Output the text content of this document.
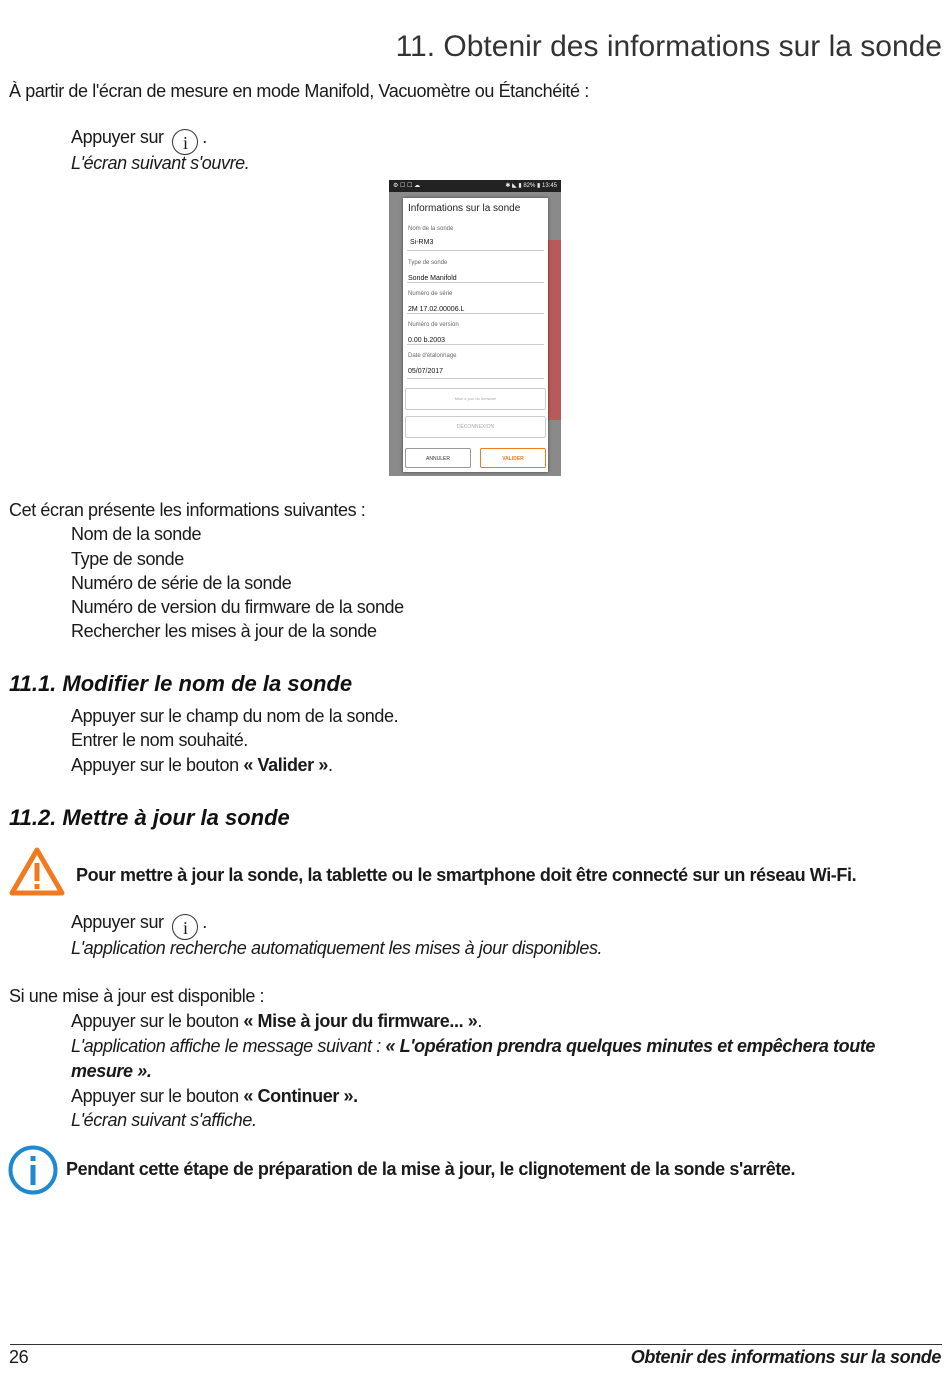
11. Obtenir des informations sur la sonde
À partir de l'écran de mesure en mode Manifold, Vacuomètre ou Étanchéité :
Appuyer sur i .
L'écran suivant s'ouvre.
⚙ ☐ ☐ ☁	✱ ◣ ▮ 82% ▮ 13:45
Informations sur la sonde
Nom de la sonde
Si-RM3
Type de sonde
Sonde Manifold
Numéro de série
2M 17.02.00006.L
Numéro de version
0.00 b.2003
Date d'étalonnage
05/07/2017
Mise à jour du firmware
DÉCONNEXION
ANNULER	VALIDER
Cet écran présente les informations suivantes :
Nom de la sonde
Type de sonde
Numéro de série de la sonde
Numéro de version du firmware de la sonde
Rechercher les mises à jour de la sonde
11.1. Modifier le nom de la sonde
Appuyer sur le champ du nom de la sonde.
Entrer le nom souhaité.
Appuyer sur le bouton « Valider ».
11.2. Mettre à jour la sonde
Pour mettre à jour la sonde, la tablette ou le smartphone doit être connecté sur un réseau Wi-Fi.
Appuyer sur i .
L'application recherche automatiquement les mises à jour disponibles.
Si une mise à jour est disponible :
Appuyer sur le bouton « Mise à jour du firmware... ».
L'application affiche le message suivant : « L'opération prendra quelques minutes et empêchera toute
mesure ».
Appuyer sur le bouton « Continuer ».
L'écran suivant s'affiche.
Pendant cette étape de préparation de la mise à jour, le clignotement de la sonde s'arrête.
26	Obtenir des informations sur la sonde
